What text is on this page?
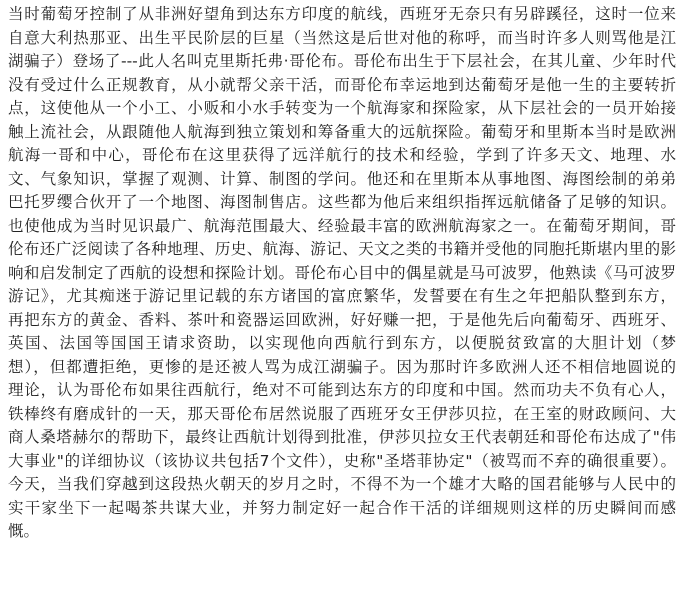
当时葡萄牙控制了从非洲好望角到达东方印度的航线，西班牙无奈只有另辟蹊径，这时一位来
自意大利热那亚、出生平民阶层的巨星（当然这是后世对他的称呼，而当时许多人则骂他是江
湖骗子）登场了---此人名叫克里斯托弗·哥伦布。哥伦布出生于下层社会，在其儿童、少年时代
没有受过什么正规教育，从小就帮父亲干活，而哥伦布幸运地到达葡萄牙是他一生的主要转折
点，这使他从一个小工、小贩和小水手转变为一个航海家和探险家，从下层社会的一员开始接
触上流社会，从跟随他人航海到独立策划和筹备重大的远航探险。葡萄牙和里斯本当时是欧洲
航海一哥和中心，哥伦布在这里获得了远洋航行的技术和经验，学到了许多天文、地理、水
文、气象知识，掌握了观测、计算、制图的学问。他还和在里斯本从事地图、海图绘制的弟弟
巴托罗缨合伙开了一个地图、海图制售店。这些都为他后来组织指挥远航储备了足够的知识。
也使他成为当时见识最广、航海范围最大、经验最丰富的欧洲航海家之一。在葡萄牙期间，哥
伦布还广泛阅读了各种地理、历史、航海、游记、天文之类的书籍并受他的同胞托斯堪内里的影
响和启发制定了西航的设想和探险计划。哥伦布心目中的偶星就是马可波罗，他熟读《马可波罗
游记》，尤其痴迷于游记里记载的东方诸国的富庶繁华，发誓要在有生之年把船队整到东方，
再把东方的黄金、香料、茶叶和瓷器运回欧洲，好好赚一把，于是他先后向葡萄牙、西班牙、
英国、法国等国国王请求资助，以实现他向西航行到东方，以便脱贫致富的大胆计划（梦
想），但都遭拒绝，更惨的是还被人骂为成江湖骗子。因为那时许多欧洲人还不相信地圆说的
理论，认为哥伦布如果往西航行，绝对不可能到达东方的印度和中国。然而功夫不负有心人，
铁棒终有磨成针的一天，那天哥伦布居然说服了西班牙女王伊莎贝拉，在王室的财政顾问、大
商人桑塔赫尔的帮助下，最终让西航计划得到批准，伊莎贝拉女王代表朝廷和哥伦布达成了"伟
大事业"的详细协议（该协议共包括7个文件），史称"圣塔菲协定"（被骂而不弃的确很重要）。
今天，当我们穿越到这段热火朝天的岁月之时，不得不为一个雄才大略的国君能够与人民中的
实干家坐下一起喝茶共谋大业，并努力制定好一起合作干活的详细规则这样的历史瞬间而感
慨。
